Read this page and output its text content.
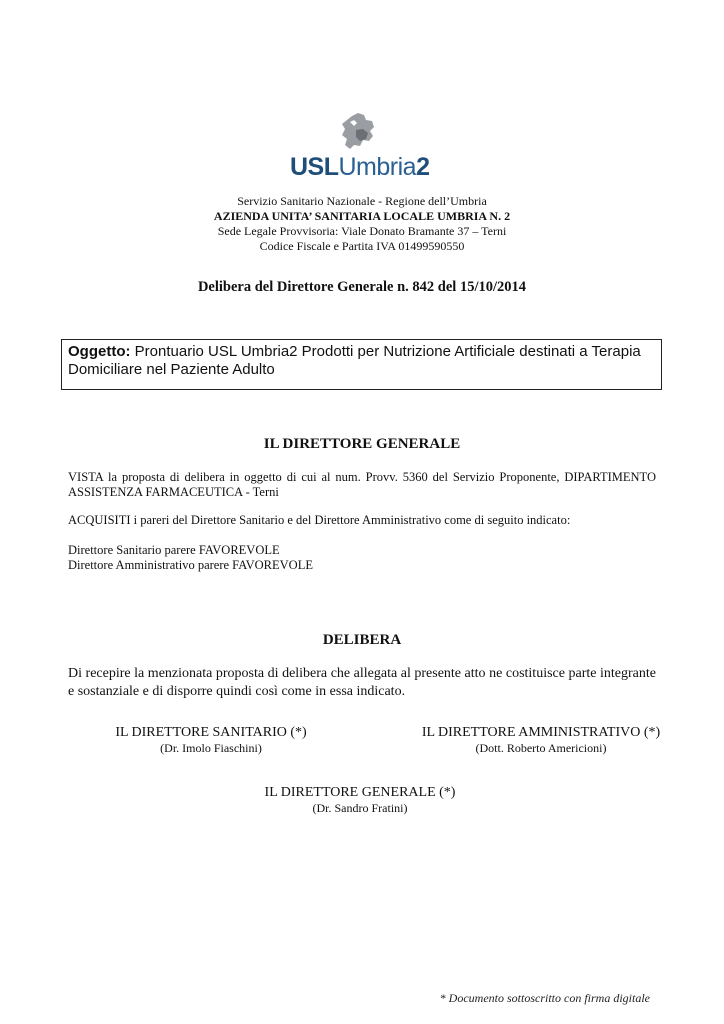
USLUmbria2
Servizio Sanitario Nazionale - Regione dell’Umbria
AZIENDA UNITA’ SANITARIA LOCALE UMBRIA N. 2
Sede Legale Provvisoria: Viale Donato Bramante 37 – Terni
Codice Fiscale e Partita IVA 01499590550
Delibera del Direttore Generale n. 842 del 15/10/2014
Oggetto: Prontuario USL Umbria2 Prodotti per Nutrizione Artificiale destinati a Terapia Domiciliare nel Paziente Adulto
IL DIRETTORE GENERALE
VISTA la proposta di delibera in oggetto di cui al num. Provv. 5360 del Servizio Proponente, DIPARTIMENTO ASSISTENZA FARMACEUTICA - Terni
ACQUISITI i pareri del Direttore Sanitario e del Direttore Amministrativo come di seguito indicato:
Direttore Sanitario parere FAVOREVOLE
Direttore Amministrativo parere FAVOREVOLE
DELIBERA
Di recepire la menzionata proposta di delibera che allegata al presente atto ne costituisce parte integrante e sostanziale e di disporre quindi così come in essa indicato.
IL DIRETTORE SANITARIO (*)
(Dr. Imolo Fiaschini)
IL DIRETTORE AMMINISTRATIVO (*)
(Dott. Roberto Americioni)
IL DIRETTORE GENERALE (*)
(Dr. Sandro Fratini)
* Documento sottoscritto con firma digitale
